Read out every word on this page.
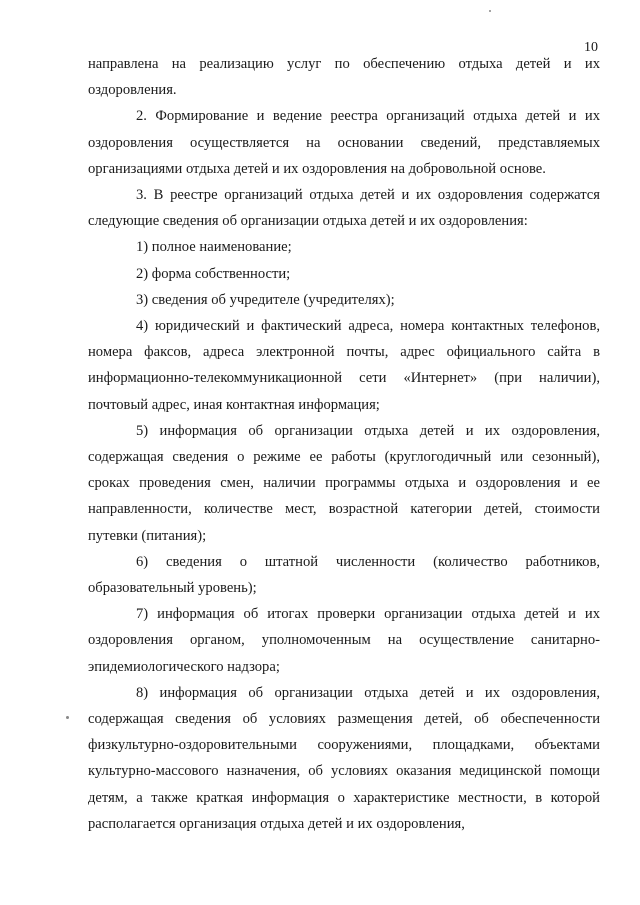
10

направлена на реализацию услуг по обеспечению отдыха детей и их оздоровления.

2. Формирование и ведение реестра организаций отдыха детей и их оздоровления осуществляется на основании сведений, представляемых организациями отдыха детей и их оздоровления на добровольной основе.

3. В реестре организаций отдыха детей и их оздоровления содержатся следующие сведения об организации отдыха детей и их оздоровления:

1) полное наименование;

2) форма собственности;

3) сведения об учредителе (учредителях);

4) юридический и фактический адреса, номера контактных телефонов, номера факсов, адреса электронной почты, адрес официального сайта в информационно-телекоммуникационной сети «Интернет» (при наличии), почтовый адрес, иная контактная информация;

5) информация об организации отдыха детей и их оздоровления, содержащая сведения о режиме ее работы (круглогодичный или сезонный), сроках проведения смен, наличии программы отдыха и оздоровления и ее направленности, количестве мест, возрастной категории детей, стоимости путевки (питания);

6) сведения о штатной численности (количество работников, образовательный уровень);

7) информация об итогах проверки организации отдыха детей и их оздоровления органом, уполномоченным на осуществление санитарно-эпидемиологического надзора;

8) информация об организации отдыха детей и их оздоровления, содержащая сведения об условиях размещения детей, об обеспеченности физкультурно-оздоровительными сооружениями, площадками, объектами культурно-массового назначения, об условиях оказания медицинской помощи детям, а также краткая информация о характеристике местности, в которой располагается организация отдыха детей и их оздоровления,
